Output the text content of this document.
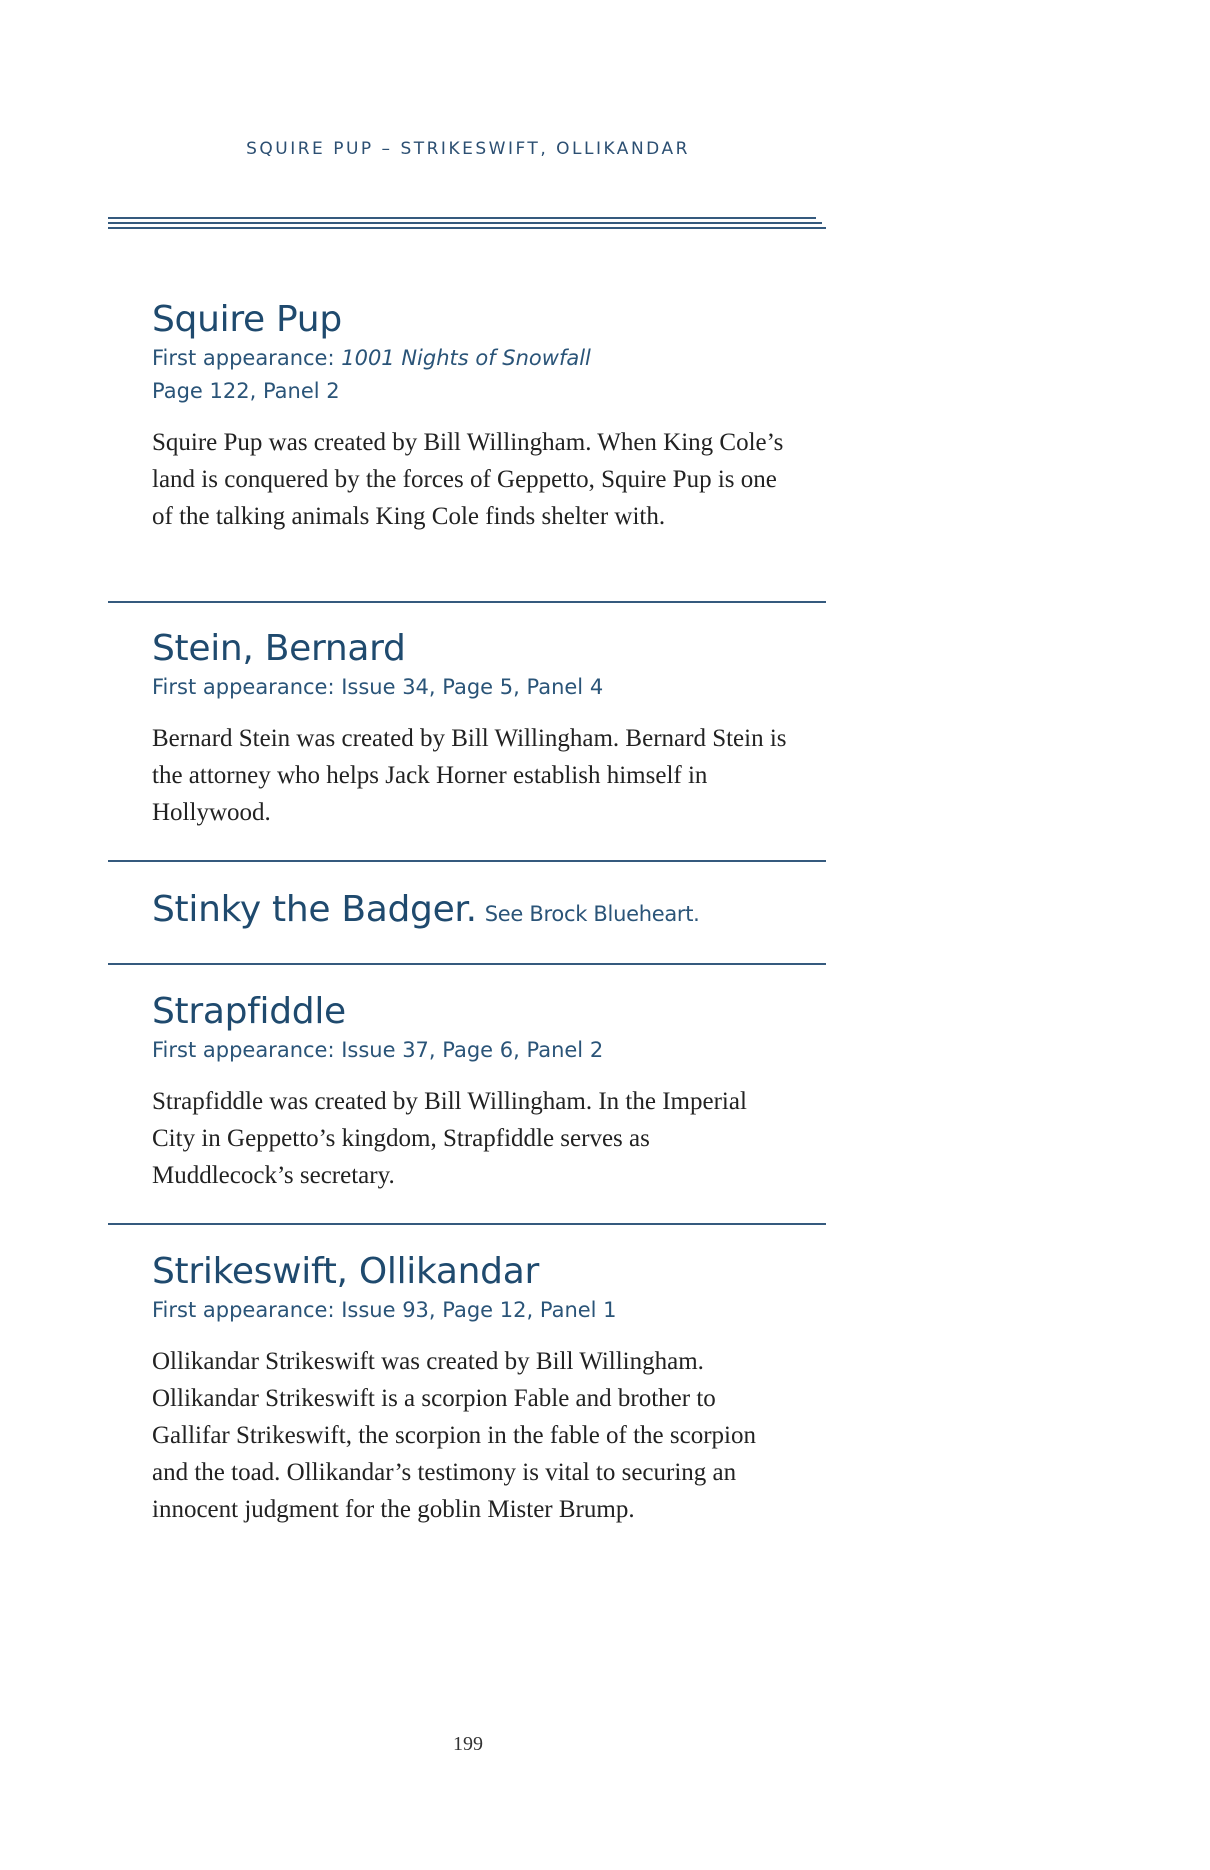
SQUIRE PUP – STRIKESWIFT, OLLIKANDAR
Squire Pup
First appearance: 1001 Nights of Snowfall
Page 122, Panel 2
Squire Pup was created by Bill Willingham. When King Cole’s land is conquered by the forces of Geppetto, Squire Pup is one of the talking animals King Cole finds shelter with.
Stein, Bernard
First appearance: Issue 34, Page 5, Panel 4
Bernard Stein was created by Bill Willingham. Bernard Stein is the attorney who helps Jack Horner establish himself in Hollywood.
Stinky the Badger. See Brock Blueheart.
Strapfiddle
First appearance: Issue 37, Page 6, Panel 2
Strapfiddle was created by Bill Willingham. In the Imperial City in Geppetto’s kingdom, Strapfiddle serves as Muddlecock’s secretary.
Strikeswift, Ollikandar
First appearance: Issue 93, Page 12, Panel 1
Ollikandar Strikeswift was created by Bill Willingham. Ollikandar Strikeswift is a scorpion Fable and brother to Gallifar Strikeswift, the scorpion in the fable of the scorpion and the toad. Ollikandar’s testimony is vital to securing an innocent judgment for the goblin Mister Brump.
199
